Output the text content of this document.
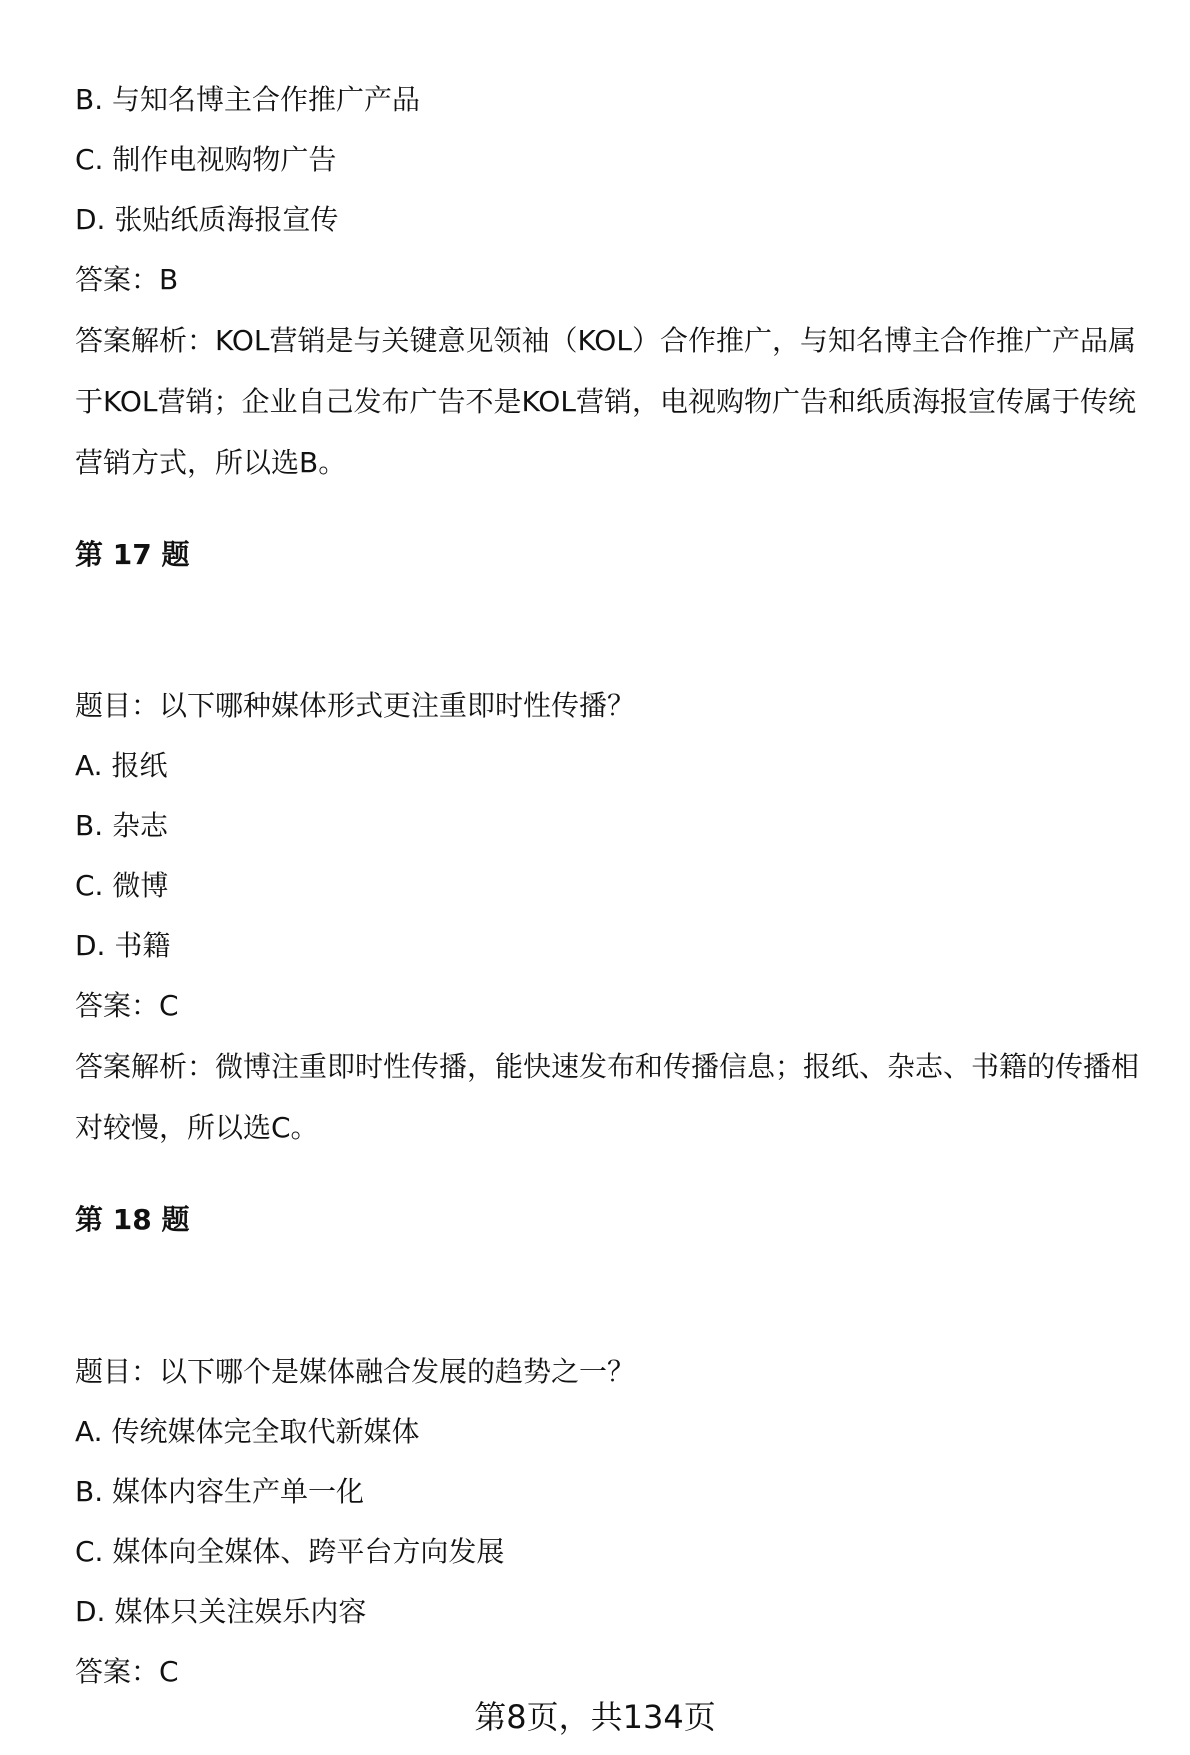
B. 与知名博主合作推广产品
C. 制作电视购物广告
D. 张贴纸质海报宣传
答案：B
答案解析：KOL营销是与关键意见领袖（KOL）合作推广，与知名博主合作推广产品属于KOL营销；企业自己发布广告不是KOL营销，电视购物广告和纸质海报宣传属于传统营销方式，所以选B。
第 17 题
题目：以下哪种媒体形式更注重即时性传播？
A. 报纸
B. 杂志
C. 微博
D. 书籍
答案：C
答案解析：微博注重即时性传播，能快速发布和传播信息；报纸、杂志、书籍的传播相对较慢，所以选C。
第 18 题
题目：以下哪个是媒体融合发展的趋势之一？
A. 传统媒体完全取代新媒体
B. 媒体内容生产单一化
C. 媒体向全媒体、跨平台方向发展
D. 媒体只关注娱乐内容
答案：C
第8页，共134页
